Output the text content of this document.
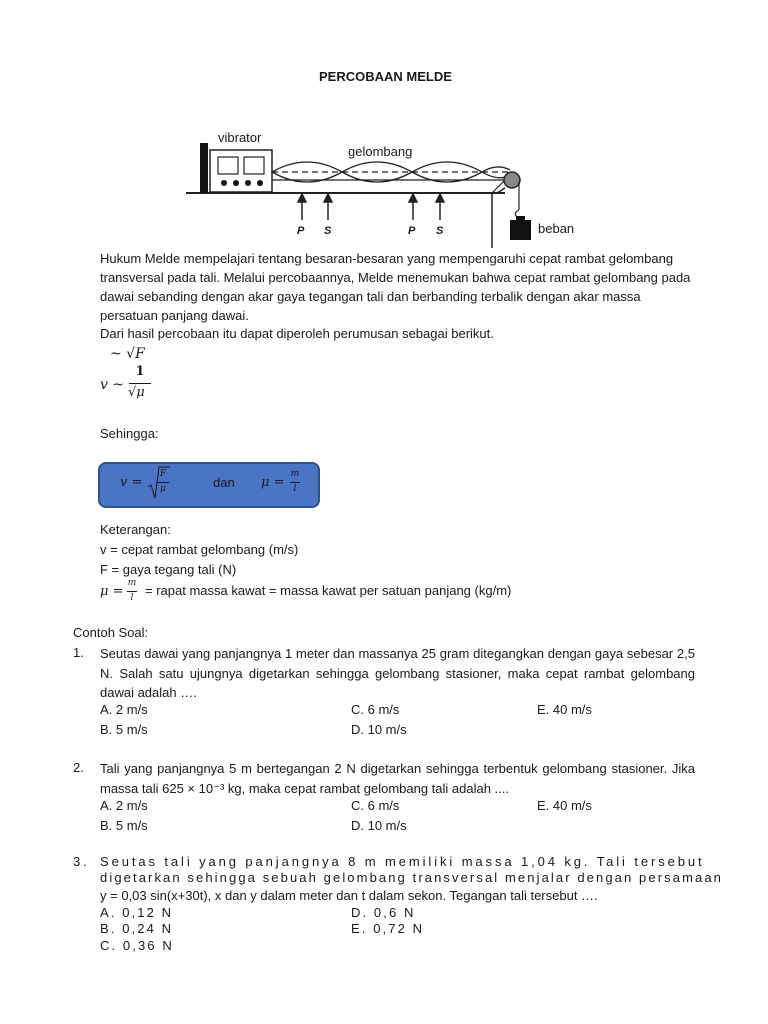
PERCOBAAN MELDE
vibrator
gelombang
beban
P S	P S
Hukum Melde mempelajari tentang besaran-besaran yang mempengaruhi cepat rambat gelombang transversal pada tali. Melalui percobaannya, Melde menemukan bahwa cepat rambat gelombang pada dawai sebanding dengan akar gaya tegangan tali dan berbanding terbalik dengan akar massa persatuan panjang dawai.
Dari hasil percobaan itu dapat diperoleh perumusan sebagai berikut.
~ √F
v ~
1
√μ
Sehingga:
v =
F
μ	dan μ =
m
l
Keterangan:
v = cepat rambat gelombang (m/s)
F = gaya tegang tali (N)
μ =
m
l = rapat massa kawat = massa kawat per satuan panjang (kg/m)
Contoh Soal:
1. Seutas dawai yang panjangnya 1 meter dan massanya 25 gram ditegangkan dengan gaya sebesar 2,5 N. Salah satu ujungnya digetarkan sehingga gelombang stasioner, maka cepat rambat gelombang dawai adalah ….
A. 2 m/s	C. 6 m/s	E. 40 m/s
B. 5 m/s	D. 10 m/s
2. Tali yang panjangnya 5 m bertegangan 2 N digetarkan sehingga terbentuk gelombang stasioner. Jika massa tali 625 × 10⁻³ kg, maka cepat rambat gelombang tali adalah ....
A. 2 m/s	C. 6 m/s	E. 40 m/s
B. 5 m/s	D. 10 m/s
3. Seutas tali yang panjangnya 8 m memiliki massa 1,04 kg. Tali tersebut
digetarkan sehingga sebuah gelombang transversal menjalar dengan persamaan
y = 0,03 sin(x+30t), x dan y dalam meter dan t dalam sekon. Tegangan tali tersebut ….
A. 0,12 N	D. 0,6 N
B. 0,24 N	E. 0,72 N
C. 0,36 N
